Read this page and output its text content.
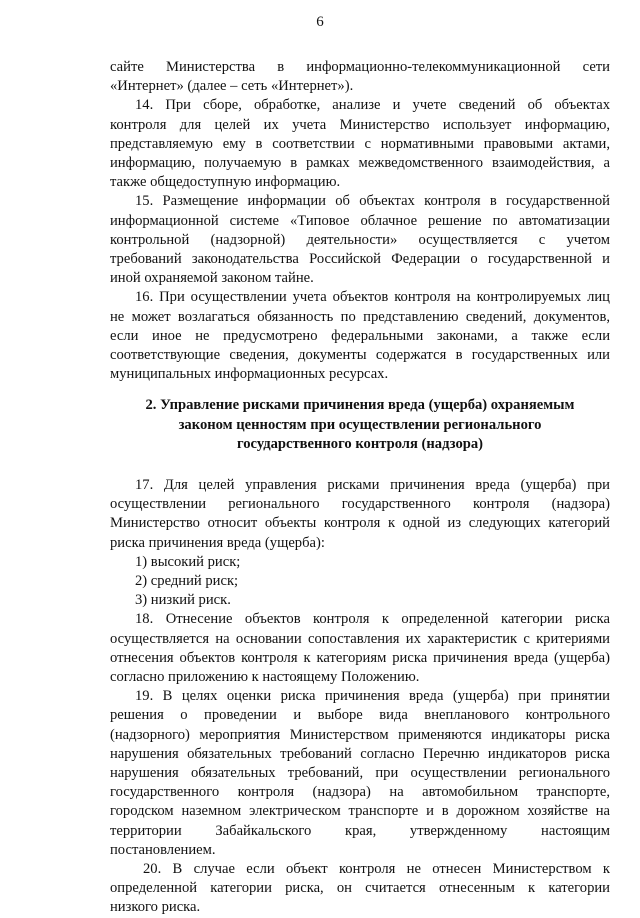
6
сайте Министерства в информационно-телекоммуникационной сети
«Интернет» (далее – сеть «Интернет»).
14. При сборе, обработке, анализе и учете сведений об объектах
контроля для целей их учета Министерство использует информацию,
представляемую ему в соответствии с нормативными правовыми актами,
информацию, получаемую в рамках межведомственного взаимодействия, а
также общедоступную информацию.
15. Размещение информации об объектах контроля в государственной
информационной системе «Типовое облачное решение по автоматизации
контрольной (надзорной) деятельности» осуществляется с учетом
требований законодательства Российской Федерации о государственной и
иной охраняемой законом тайне.
16. При осуществлении учета объектов контроля на контролируемых лиц
не может возлагаться обязанность по представлению сведений, документов,
если иное не предусмотрено федеральными законами, а также если
соответствующие сведения, документы содержатся в государственных или
муниципальных информационных ресурсах.
2. Управление рисками причинения вреда (ущерба) охраняемым
законом ценностям при осуществлении регионального
государственного контроля (надзора)
17. Для целей управления рисками причинения вреда (ущерба) при
осуществлении регионального государственного контроля (надзора)
Министерство относит объекты контроля к одной из следующих категорий
риска причинения вреда (ущерба):
1) высокий риск;
2) средний риск;
3) низкий риск.
18. Отнесение объектов контроля к определенной категории риска
осуществляется на основании сопоставления их характеристик с критериями
отнесения объектов контроля к категориям риска причинения вреда (ущерба)
согласно приложению к настоящему Положению.
19. В целях оценки риска причинения вреда (ущерба) при принятии
решения о проведении и выборе вида внепланового контрольного
(надзорного) мероприятия Министерством применяются индикаторы риска
нарушения обязательных требований согласно Перечню индикаторов риска
нарушения обязательных требований, при осуществлении регионального
государственного контроля (надзора) на автомобильном транспорте,
городском наземном электрическом транспорте и в дорожном хозяйстве на
территории Забайкальского края, утвержденному настоящим
постановлением.
20. В случае если объект контроля не отнесен Министерством к
определенной категории риска, он считается отнесенным к категории
низкого риска.
